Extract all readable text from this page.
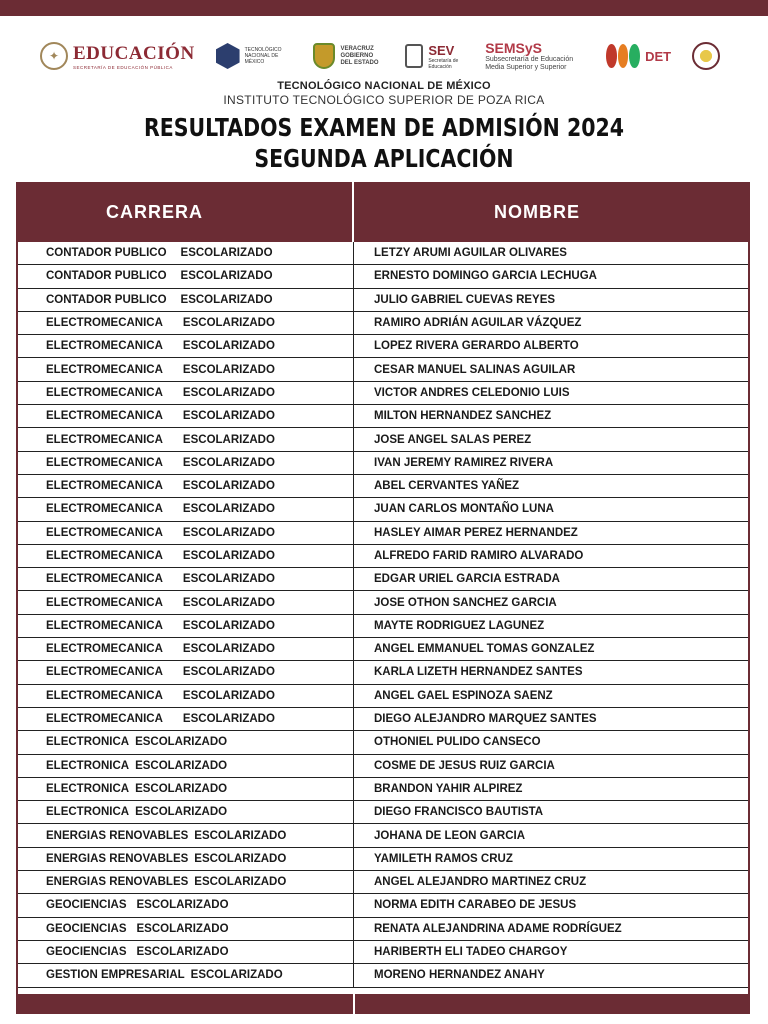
✦ EDUCACIÓN
SECRETARÍA DE EDUCACIÓN PÚBLICA
TECNOLÓGICO NACIONAL DE MÉXICO
VERACRUZ GOBIERNO DEL ESTADO
SEV
Secretaría de Educación
SEMSyS
Subsecretaría de Educación Media Superior y Superior
DET
TECNOLÓGICO NACIONAL DE MÉXICO
INSTITUTO TECNOLÓGICO SUPERIOR DE POZA RICA
RESULTADOS EXAMEN DE ADMISIÓN 2024
SEGUNDA APLICACIÓN
CARRERA	NOMBRE
CONTADOR PUBLICO ESCOLARIZADO	LETZY ARUMI AGUILAR OLIVARES
CONTADOR PUBLICO ESCOLARIZADO	ERNESTO DOMINGO GARCIA LECHUGA
CONTADOR PUBLICO ESCOLARIZADO	JULIO GABRIEL CUEVAS REYES
ELECTROMECANICA ESCOLARIZADO	RAMIRO ADRIÁN AGUILAR VÁZQUEZ
ELECTROMECANICA ESCOLARIZADO	LOPEZ RIVERA GERARDO ALBERTO
ELECTROMECANICA ESCOLARIZADO	CESAR MANUEL SALINAS AGUILAR
ELECTROMECANICA ESCOLARIZADO	VICTOR ANDRES CELEDONIO LUIS
ELECTROMECANICA ESCOLARIZADO	MILTON HERNANDEZ SANCHEZ
ELECTROMECANICA ESCOLARIZADO	JOSE ANGEL SALAS PEREZ
ELECTROMECANICA ESCOLARIZADO	IVAN JEREMY RAMIREZ RIVERA
ELECTROMECANICA ESCOLARIZADO	ABEL CERVANTES YAÑEZ
ELECTROMECANICA ESCOLARIZADO	JUAN CARLOS MONTAÑO LUNA
ELECTROMECANICA ESCOLARIZADO	HASLEY AIMAR PEREZ HERNANDEZ
ELECTROMECANICA ESCOLARIZADO	ALFREDO FARID RAMIRO ALVARADO
ELECTROMECANICA ESCOLARIZADO	EDGAR URIEL GARCIA ESTRADA
ELECTROMECANICA ESCOLARIZADO	JOSE OTHON SANCHEZ GARCIA
ELECTROMECANICA ESCOLARIZADO	MAYTE RODRIGUEZ LAGUNEZ
ELECTROMECANICA ESCOLARIZADO	ANGEL EMMANUEL TOMAS GONZALEZ
ELECTROMECANICA ESCOLARIZADO	KARLA LIZETH HERNANDEZ SANTES
ELECTROMECANICA ESCOLARIZADO	ANGEL GAEL ESPINOZA SAENZ
ELECTROMECANICA ESCOLARIZADO	DIEGO ALEJANDRO MARQUEZ SANTES
ELECTRONICA ESCOLARIZADO	OTHONIEL PULIDO CANSECO
ELECTRONICA ESCOLARIZADO	COSME DE JESUS RUIZ GARCIA
ELECTRONICA ESCOLARIZADO	BRANDON YAHIR ALPIREZ
ELECTRONICA ESCOLARIZADO	DIEGO FRANCISCO BAUTISTA
ENERGIAS RENOVABLES ESCOLARIZADO	JOHANA DE LEON GARCIA
ENERGIAS RENOVABLES ESCOLARIZADO	YAMILETH RAMOS CRUZ
ENERGIAS RENOVABLES ESCOLARIZADO	ANGEL ALEJANDRO MARTINEZ CRUZ
GEOCIENCIAS ESCOLARIZADO	NORMA EDITH CARABEO DE JESUS
GEOCIENCIAS ESCOLARIZADO	RENATA ALEJANDRINA ADAME RODRÍGUEZ
GEOCIENCIAS ESCOLARIZADO	HARIBERTH ELI TADEO CHARGOY
GESTION EMPRESARIAL ESCOLARIZADO	MORENO HERNANDEZ ANAHY
